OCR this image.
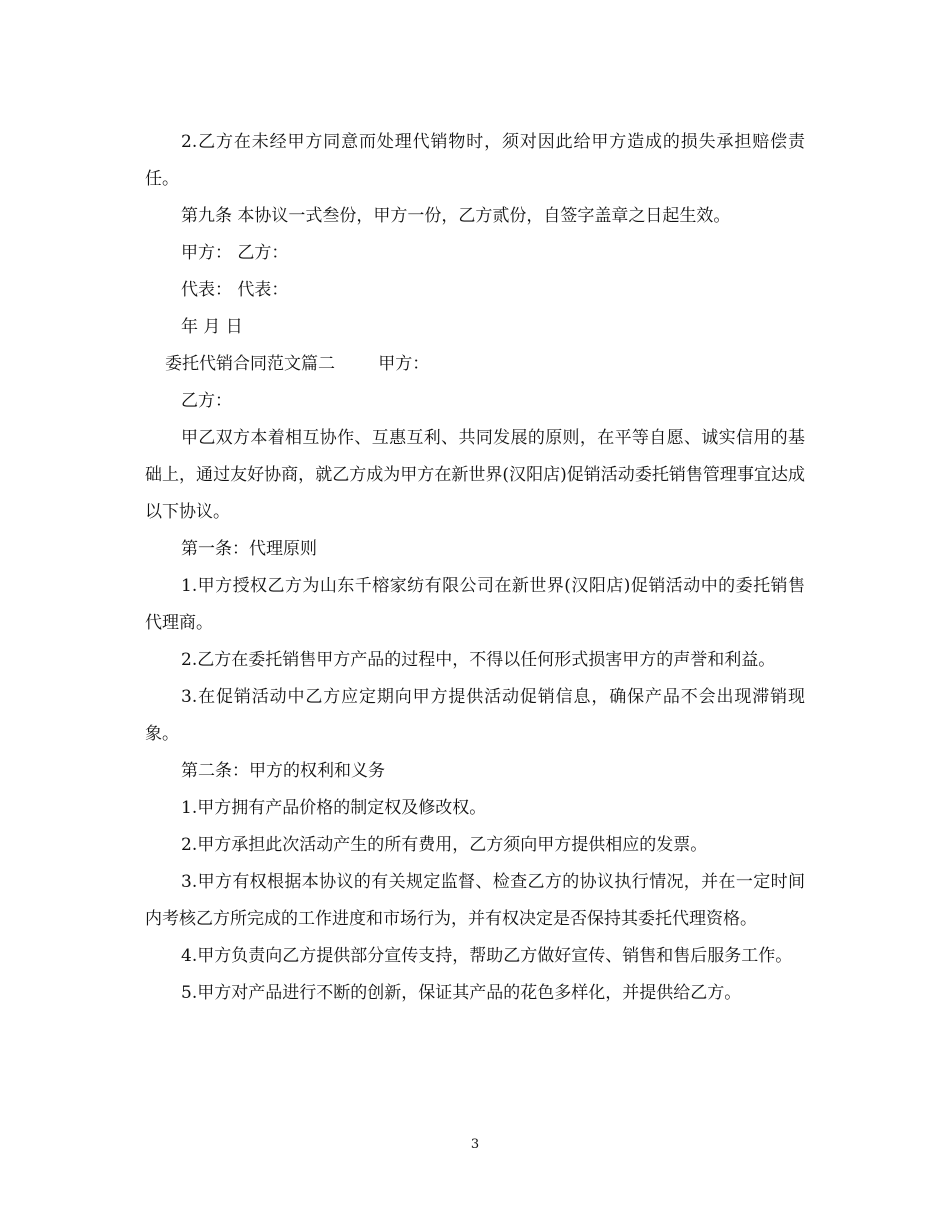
2.乙方在未经甲方同意而处理代销物时，须对因此给甲方造成的损失承担赔偿责任。

第九条 本协议一式叁份，甲方一份，乙方贰份，自签字盖章之日起生效。

甲方： 乙方：

代表： 代表：

年 月 日

委托代销合同范文篇二        甲方：

乙方：

甲乙双方本着相互协作、互惠互利、共同发展的原则，在平等自愿、诚实信用的基础上，通过友好协商，就乙方成为甲方在新世界(汉阳店)促销活动委托销售管理事宜达成以下协议。

第一条：代理原则

1.甲方授权乙方为山东千榕家纺有限公司在新世界(汉阳店)促销活动中的委托销售代理商。

2.乙方在委托销售甲方产品的过程中，不得以任何形式损害甲方的声誉和利益。

3.在促销活动中乙方应定期向甲方提供活动促销信息，确保产品不会出现滞销现象。

第二条：甲方的权利和义务

1.甲方拥有产品价格的制定权及修改权。

2.甲方承担此次活动产生的所有费用，乙方须向甲方提供相应的发票。

3.甲方有权根据本协议的有关规定监督、检查乙方的协议执行情况，并在一定时间内考核乙方所完成的工作进度和市场行为，并有权决定是否保持其委托代理资格。

4.甲方负责向乙方提供部分宣传支持，帮助乙方做好宣传、销售和售后服务工作。

5.甲方对产品进行不断的创新，保证其产品的花色多样化，并提供给乙方。

3
